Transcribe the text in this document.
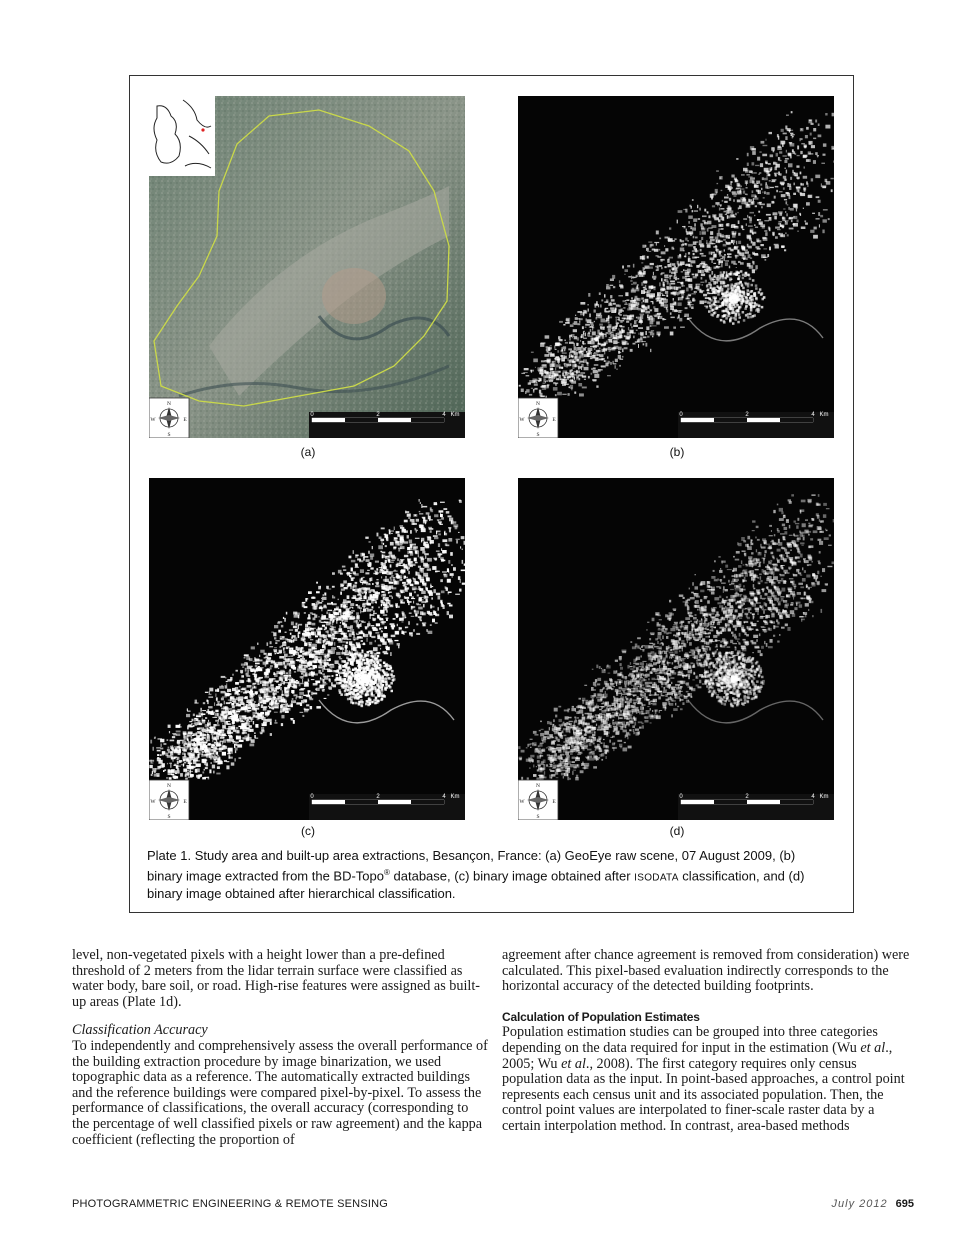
N
S
W	E
0	2	4 Km
N
S
W	E
0	2	4 Km
N
S
W	E
0	2	4 Km
N
S
W	E
0	2	4 Km
(a)	(b)
(c)	(d)
Plate 1. Study area and built-up area extractions, Besançon, France: (a) GeoEye raw scene, 07 August 2009, (b) binary image extracted from the BD-Topo® database, (c) binary image obtained after ISODATA classification, and (d) binary image obtained after hierarchical classification.

level, non-vegetated pixels with a height lower than a pre-defined threshold of 2 meters from the lidar terrain surface were classified as water body, bare soil, or road. High-rise features were assigned as built-up areas (Plate 1d).

Classification Accuracy

To independently and comprehensively assess the overall performance of the building extraction procedure by image binarization, we used topographic data as a reference. The automatically extracted buildings and the reference buildings were compared pixel-by-pixel. To assess the performance of classifications, the overall accuracy (corresponding to the percentage of well classified pixels or raw agreement) and the kappa coefficient (reflecting the proportion of

agreement after chance agreement is removed from consideration) were calculated. This pixel-based evaluation indirectly corresponds to the horizontal accuracy of the detected building footprints.

Calculation of Population Estimates

Population estimation studies can be grouped into three categories depending on the data required for input in the estimation (Wu et al., 2005; Wu et al., 2008). The first category requires only census population data as the input. In point-based approaches, a control point represents each census unit and its associated population. Then, the control point values are interpolated to finer-scale raster data by a certain interpolation method. In contrast, area-based methods

PHOTOGRAMMETRIC ENGINEERING & REMOTE SENSING	July 2012 695
